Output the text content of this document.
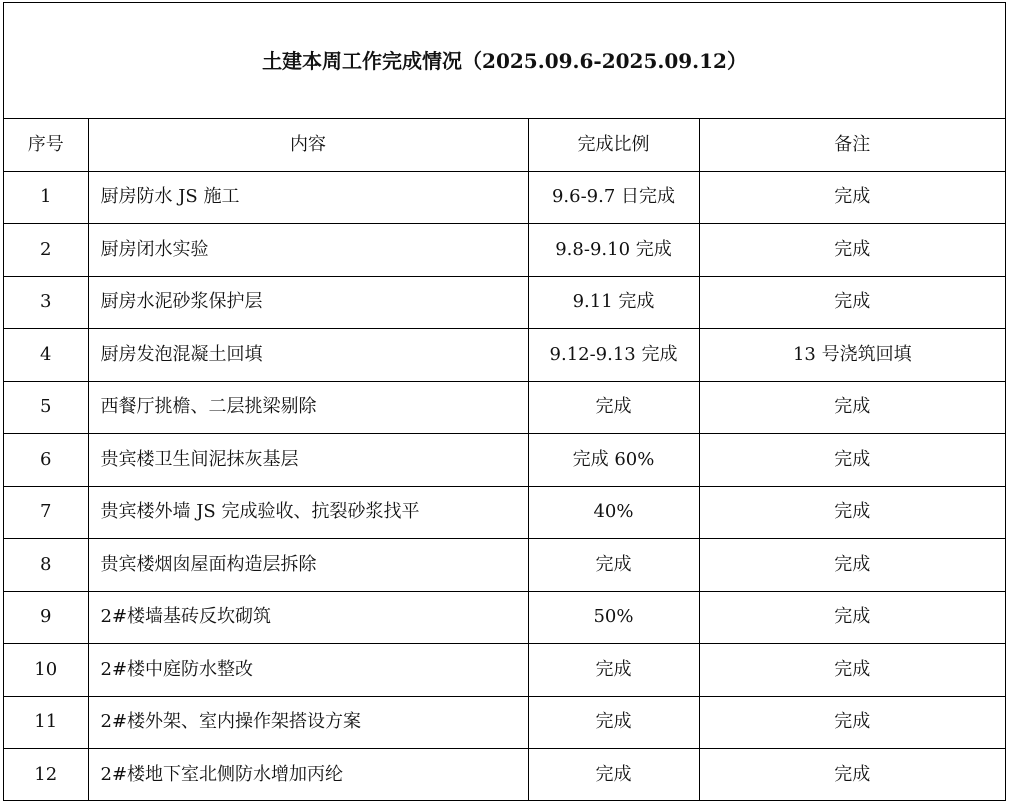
土建本周工作完成情况（2025.09.6-2025.09.12）			
序号	内容	完成比例	备注
1	厨房防水 JS 施工	9.6-9.7 日完成	完成
2	厨房闭水实验	9.8-9.10 完成	完成
3	厨房水泥砂浆保护层	9.11 完成	完成
4	厨房发泡混凝土回填	9.12-9.13 完成	13 号浇筑回填
5	西餐厅挑檐、二层挑梁剔除	完成	完成
6	贵宾楼卫生间泥抹灰基层	完成 60%	完成
7	贵宾楼外墙 JS 完成验收、抗裂砂浆找平	40%	完成
8	贵宾楼烟囱屋面构造层拆除	完成	完成
9	2#楼墙基砖反坎砌筑	50%	完成
10	2#楼中庭防水整改	完成	完成
11	2#楼外架、室内操作架搭设方案	完成	完成
12	2#楼地下室北侧防水增加丙纶	完成	完成
